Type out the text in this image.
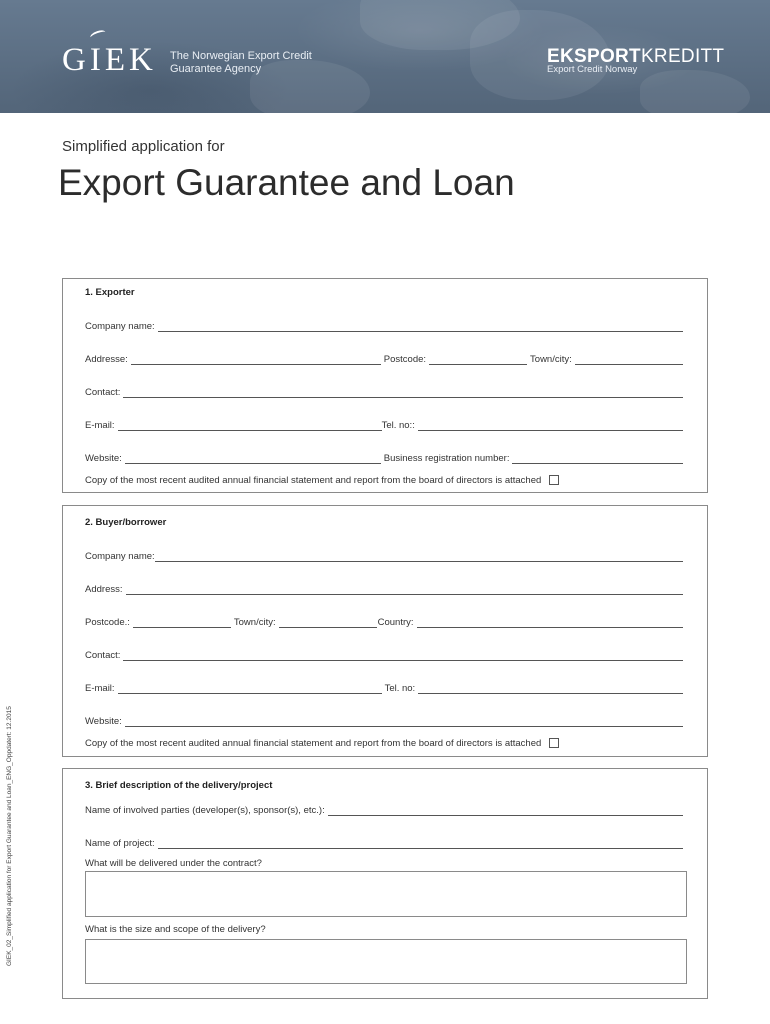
GIEK The Norwegian Export Credit
Guarantee Agency
EKSPORTKREDITT
Export Credit Norway
Simplified application for
Export Guarantee and Loan
GIEK_02_Simplified application for Export Guarantee and Loan_ENG_Oppdatert: 12.2015
1. Exporter
Company name:
Addresse:	Postcode:	Town/city:
Contact:
E-mail:	Tel. no::
Website:	Business registration number:
Copy of the most recent audited annual financial statement and report from the board of directors is attached
2. Buyer/borrower
Company name:
Address:
Postcode.:	Town/city:	Country:
Contact:
E-mail:	Tel. no:
Website:
Copy of the most recent audited annual financial statement and report from the board of directors is attached
3. Brief description of the delivery/project
Name of involved parties (developer(s), sponsor(s), etc.):
Name of project:
What will be delivered under the contract?
What is the size and scope of the delivery?
